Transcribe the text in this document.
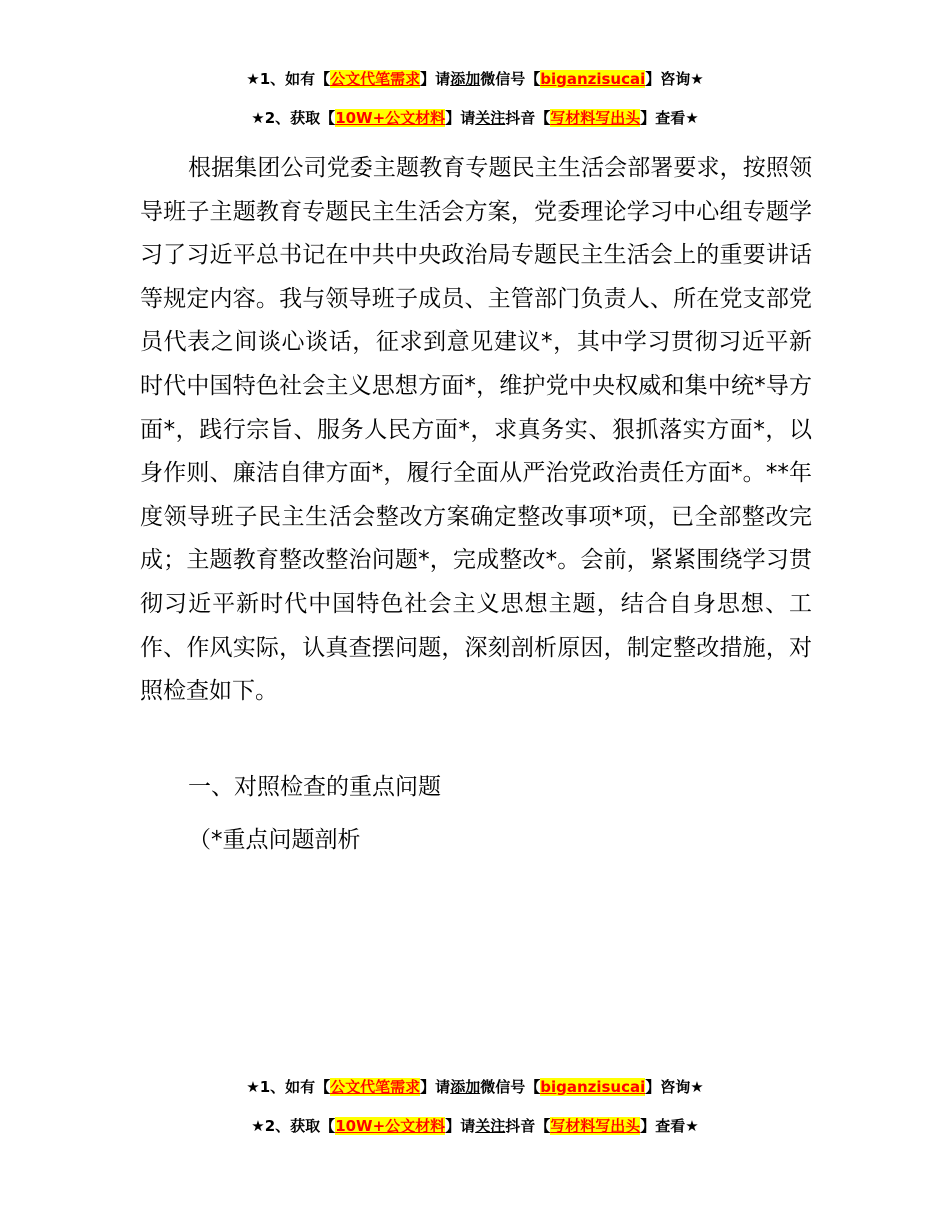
★1、如有【公文代笔需求】请添加微信号【biganzisucai】咨询★
★2、获取【10W+公文材料】请关注抖音【写材料写出头】查看★

根据集团公司党委主题教育专题民主生活会部署要求，按照领导班子主题教育专题民主生活会方案，党委理论学习中心组专题学习了习近平总书记在中共中央政治局专题民主生活会上的重要讲话等规定内容。我与领导班子成员、主管部门负责人、所在党支部党员代表之间谈心谈话，征求到意见建议*，其中学习贯彻习近平新时代中国特色社会主义思想方面*，维护党中央权威和集中统*导方面*，践行宗旨、服务人民方面*，求真务实、狠抓落实方面*，以身作则、廉洁自律方面*，履行全面从严治党政治责任方面*。**年度领导班子民主生活会整改方案确定整改事项*项，已全部整改完成；主题教育整改整治问题*，完成整改*。会前，紧紧围绕学习贯彻习近平新时代中国特色社会主义思想主题，结合自身思想、工作、作风实际，认真查摆问题，深刻剖析原因，制定整改措施，对照检查如下。

一、对照检查的重点问题

（*重点问题剖析

★1、如有【公文代笔需求】请添加微信号【biganzisucai】咨询★
★2、获取【10W+公文材料】请关注抖音【写材料写出头】查看★
